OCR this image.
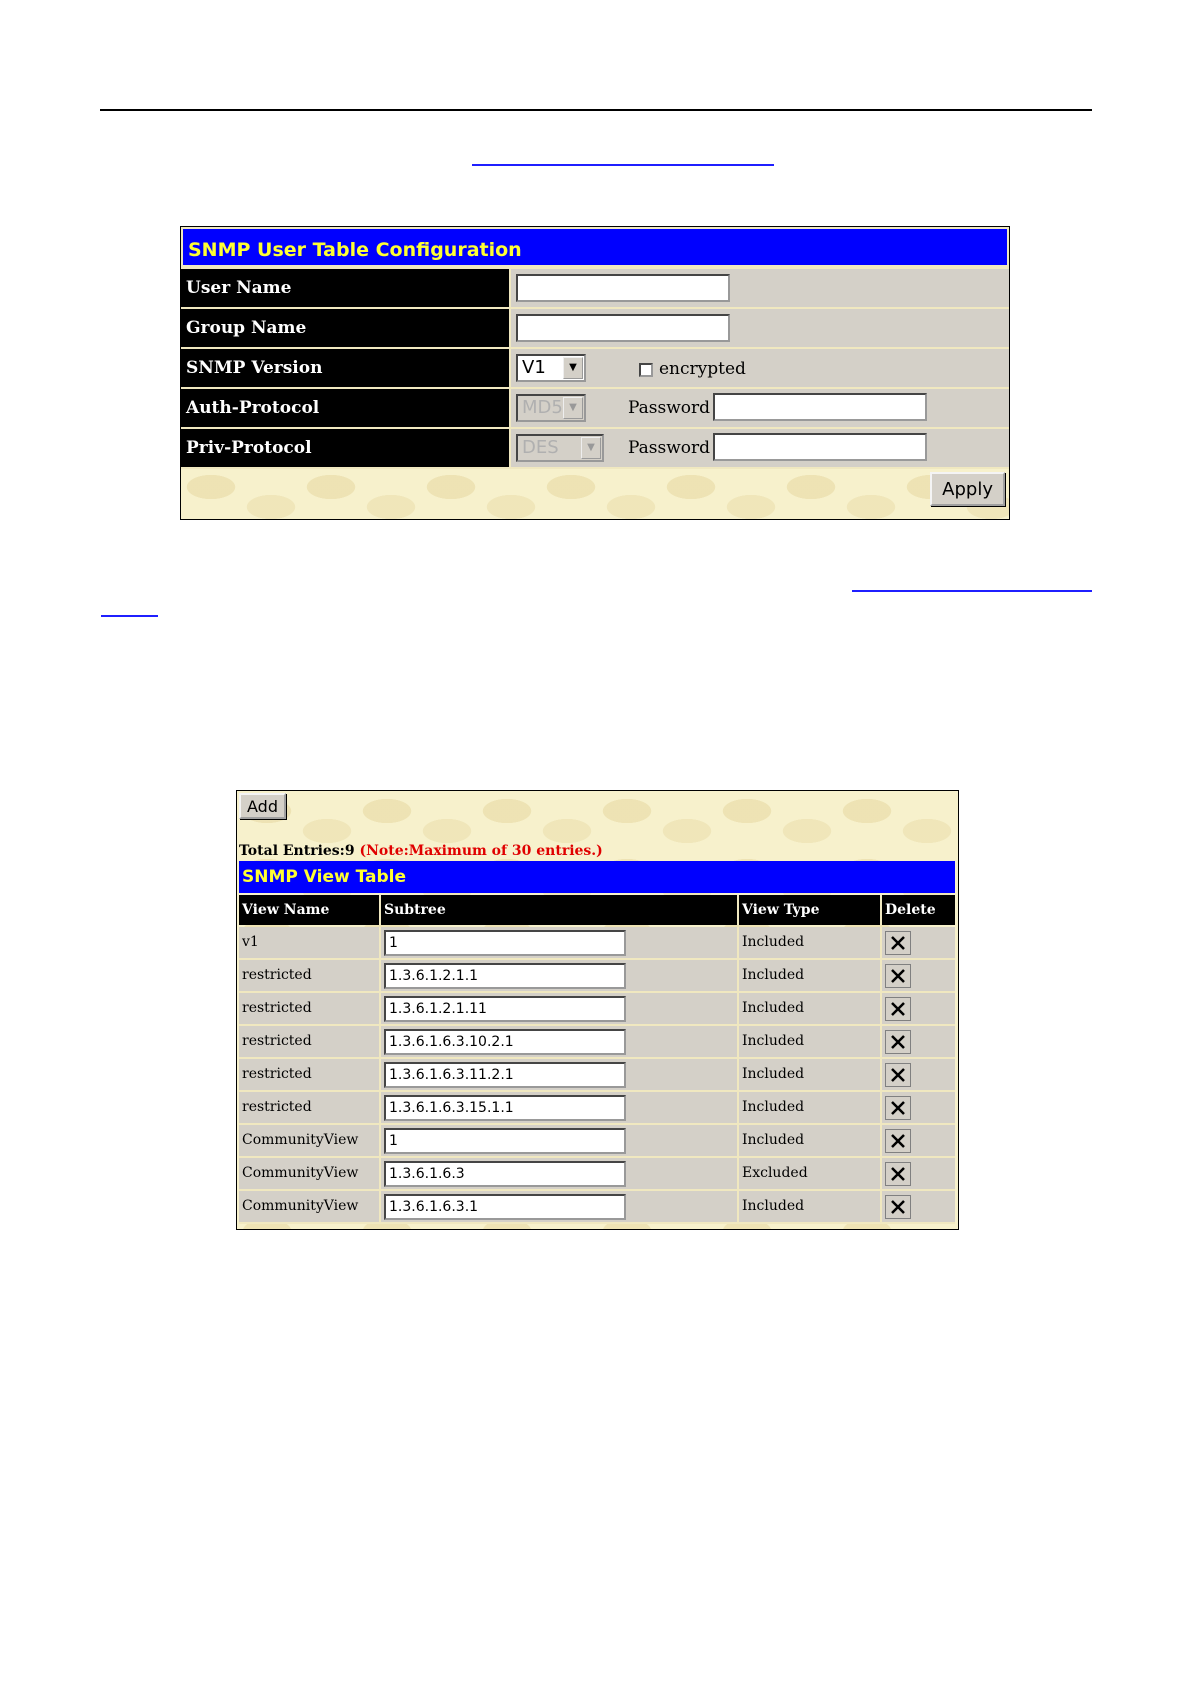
SNMP User Table Configuration
User Name
Group Name
SNMP Version	V1	▼	encrypted
Auth-Protocol	MD5 ▼	Password
Priv-Protocol	DES	▼	Password
Apply
Add
Total Entries:9 (Note:Maximum of 30 entries.)
SNMP View Table
View Name	Subtree	View Type	Delete
v1	1	Included
restricted	1.3.6.1.2.1.1	Included
restricted	1.3.6.1.2.1.11	Included
restricted	1.3.6.1.6.3.10.2.1	Included
restricted	1.3.6.1.6.3.11.2.1	Included
restricted	1.3.6.1.6.3.15.1.1	Included
CommunityView	1	Included
CommunityView	1.3.6.1.6.3	Excluded
CommunityView	1.3.6.1.6.3.1	Included
